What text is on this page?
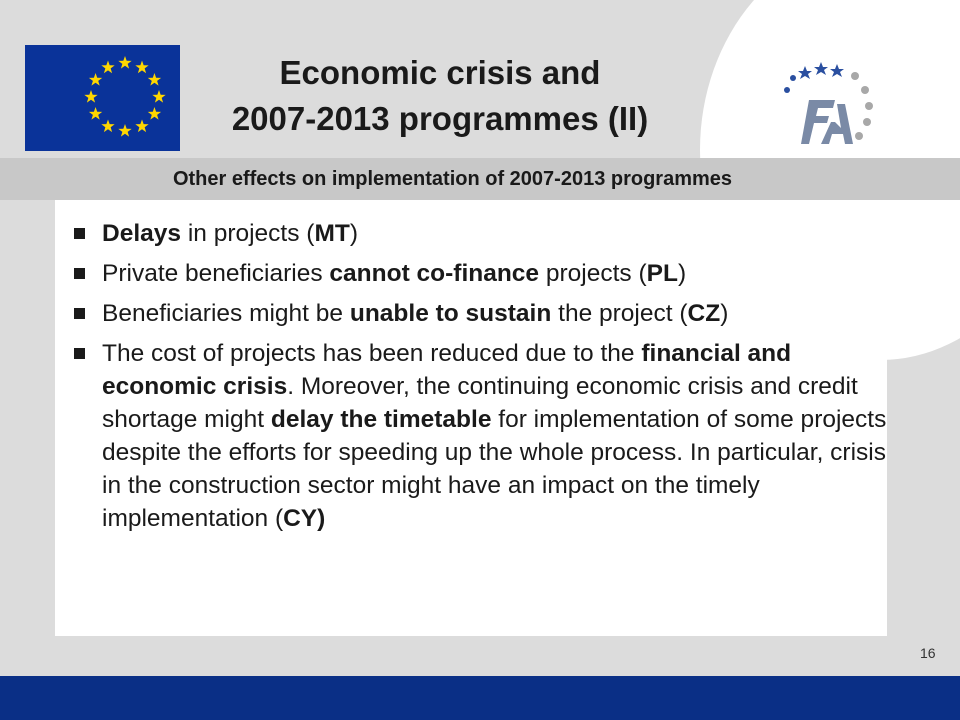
Economic crisis and
2007-2013 programmes (II)
Other effects on implementation of 2007-2013 programmes
Delays in projects (MT)
Private beneficiaries cannot co-finance projects (PL)
Beneficiaries might be unable to sustain the project (CZ)
The cost of projects has been reduced due to the financial and economic crisis. Moreover, the continuing economic crisis and credit shortage might delay the timetable for implementation of some projects despite the efforts for speeding up the whole process. In particular, crisis in the construction sector might have an impact on the timely implementation (CY)
16
